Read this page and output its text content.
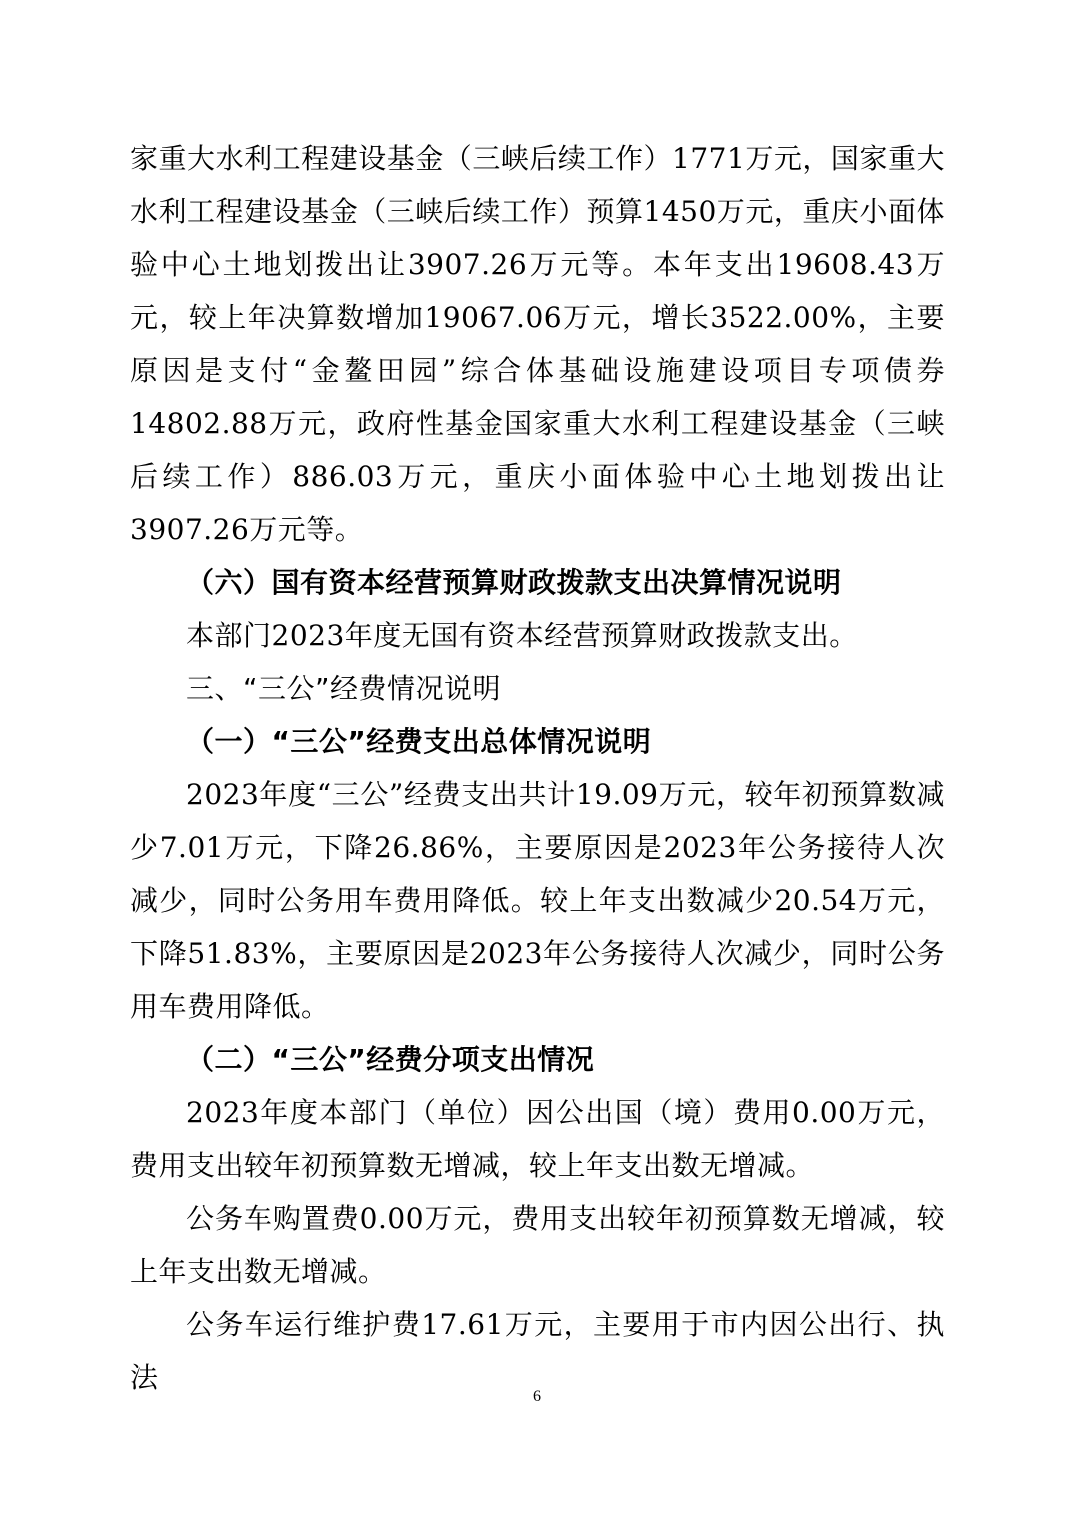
家重大水利工程建设基金（三峡后续工作）1771万元，国家重大水利工程建设基金（三峡后续工作）预算1450万元，重庆小面体验中心土地划拨出让3907.26万元等。本年支出19608.43万元，较上年决算数增加19067.06万元，增长3522.00%，主要原因是支付“金鳌田园”综合体基础设施建设项目专项债券14802.88万元，政府性基金国家重大水利工程建设基金（三峡后续工作）886.03万元，重庆小面体验中心土地划拨出让3907.26万元等。

（六）国有资本经营预算财政拨款支出决算情况说明

本部门2023年度无国有资本经营预算财政拨款支出。

三、“三公”经费情况说明

（一）“三公”经费支出总体情况说明

2023年度“三公”经费支出共计19.09万元，较年初预算数减少7.01万元，下降26.86%，主要原因是2023年公务接待人次减少，同时公务用车费用降低。较上年支出数减少20.54万元，下降51.83%，主要原因是2023年公务接待人次减少，同时公务用车费用降低。

（二）“三公”经费分项支出情况

2023年度本部门（单位）因公出国（境）费用0.00万元，费用支出较年初预算数无增减，较上年支出数无增减。

公务车购置费0.00万元，费用支出较年初预算数无增减，较上年支出数无增减。

公务车运行维护费17.61万元，主要用于市内因公出行、执法

6
